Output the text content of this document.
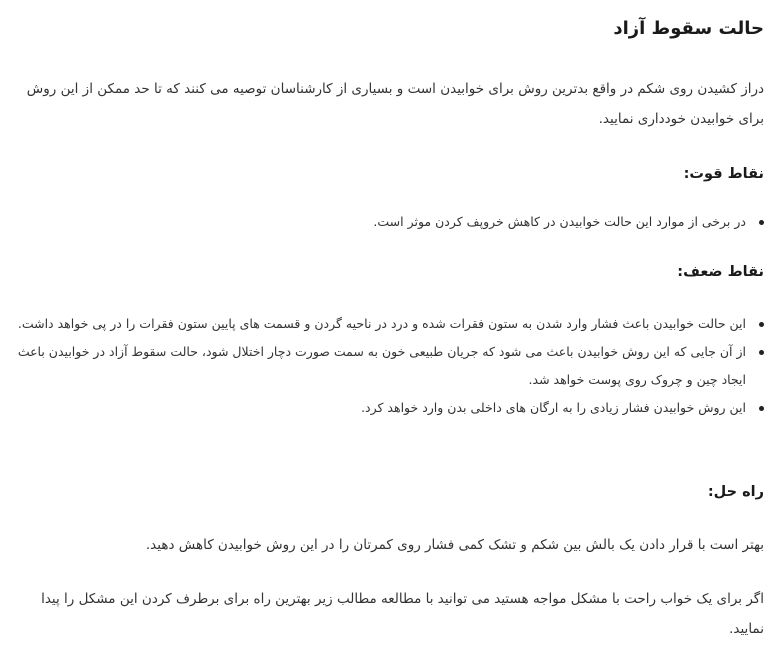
حالت سقوط آزاد

دراز کشیدن روی شکم در واقع بدترین روش برای خوابیدن است و بسیاری از کارشناسان توصیه می کنند که تا حد ممکن از این روش برای خوابیدن خودداری نمایید.

نقاط قوت:
در برخی از موارد این حالت خوابیدن در کاهش خروپف کردن موثر است.
نقاط ضعف:
این حالت خوابیدن باعث فشار وارد شدن به ستون فقرات شده و درد در ناحیه گردن و قسمت های پایین ستون فقرات را در پی خواهد داشت.
از آن جایی که این روش خوابیدن باعث می شود که جریان طبیعی خون به سمت صورت دچار اختلال شود، حالت سقوط آزاد در خوابیدن باعث ایجاد چین و چروک روی پوست خواهد شد.
این روش خوابیدن فشار زیادی را به ارگان های داخلی بدن وارد خواهد کرد.
راه حل:

بهتر است با قرار دادن یک بالش بین شکم و تشک کمی فشار روی کمرتان را در این روش خوابیدن کاهش دهید.

اگر برای یک خواب راحت با مشکل مواجه هستید می توانید با مطالعه مطالب زیر بهترین راه برای برطرف کردن این مشکل را پیدا نمایید.
